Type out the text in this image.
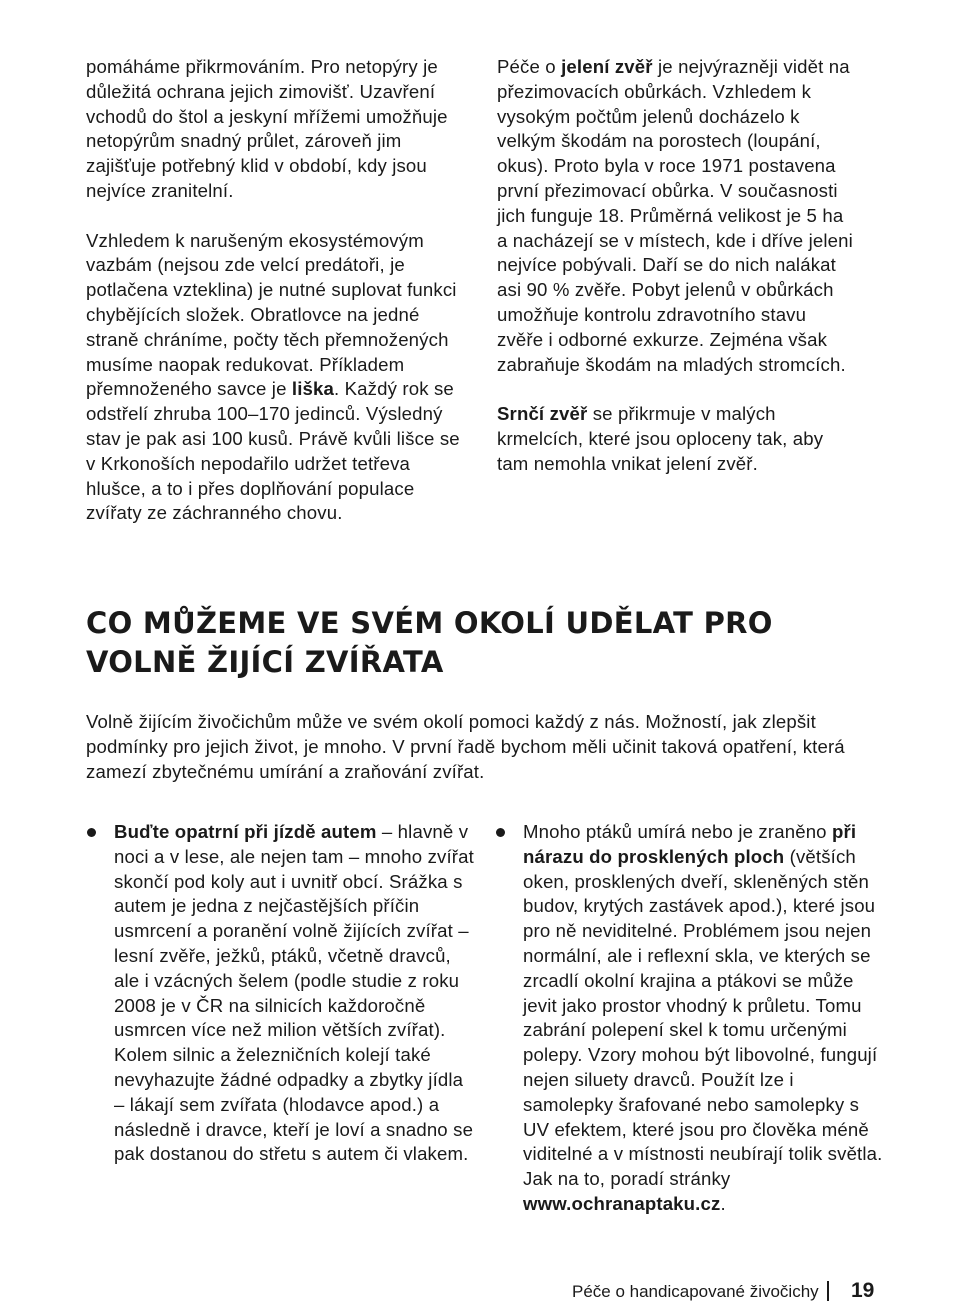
pomáháme přikrmováním. Pro netopýry je důležitá ochrana jejich zimovišť. Uzavření vchodů do štol a jeskyní mřížemi umožňuje netopýrům snadný průlet, zároveň jim zajišťuje potřebný klid v období, kdy jsou nejvíce zranitelní.

Vzhledem k narušeným ekosystémovým vazbám (nejsou zde velcí predátoři, je potlačena vzteklina) je nutné suplovat funkci chybějících složek. Obratlovce na jedné straně chráníme, počty těch přemnožených musíme naopak redukovat. Příkladem přemnoženého savce je liška. Každý rok se odstřelí zhruba 100–170 jedinců. Výsledný stav je pak asi 100 kusů. Právě kvůli lišce se v Krkonoších nepodařilo udržet tetřeva hlušce, a to i přes doplňování populace zvířaty ze záchranného chovu.

Péče o jelení zvěř je nejvýrazněji vidět na přezimovacích obůrkách. Vzhledem k vysokým počtům jelenů docházelo k velkým škodám na porostech (loupání, okus). Proto byla v roce 1971 postavena první přezimovací obůrka. V současnosti jich funguje 18. Průměrná velikost je 5 ha a nacházejí se v místech, kde i dříve jeleni nejvíce pobývali. Daří se do nich nalákat asi 90 % zvěře. Pobyt jelenů v obůrkách umožňuje kontrolu zdravotního stavu zvěře i odborné exkurze. Zejména však zabraňuje škodám na mladých stromcích.

Srnčí zvěř se přikrmuje v malých krmelcích, které jsou oploceny tak, aby tam nemohla vnikat jelení zvěř.

CO MŮŽEME VE SVÉM OKOLÍ UDĚLAT PRO VOLNĚ ŽIJÍCÍ ZVÍŘATA
Volně žijícím živočichům může ve svém okolí pomoci každý z nás. Možností, jak zlepšit podmínky pro jejich život, je mnoho. V první řadě bychom měli učinit taková opatření, která zamezí zbytečnému umírání a zraňování zvířat.
Buďte opatrní při jízdě autem – hlavně v noci a v lese, ale nejen tam – mnoho zvířat skončí pod koly aut i uvnitř obcí. Srážka s autem je jedna z nejčastějších příčin usmrcení a poranění volně žijících zvířat – lesní zvěře, ježků, ptáků, včetně dravců, ale i vzácných šelem (podle studie z roku 2008 je v ČR na silnicích každoročně usmrcen více než milion větších zvířat). Kolem silnic a železničních kolejí také nevyhazujte žádné odpadky a zbytky jídla – lákají sem zvířata (hlodavce apod.) a následně i dravce, kteří je loví a snadno se pak dostanou do střetu s autem či vlakem.
Mnoho ptáků umírá nebo je zraněno při nárazu do prosklených ploch (větších oken, prosklených dveří, skleněných stěn budov, krytých zastávek apod.), které jsou pro ně neviditelné. Problémem jsou nejen normální, ale i reflexní skla, ve kterých se zrcadlí okolní krajina a ptákovi se může jevit jako prostor vhodný k průletu. Tomu zabrání polepení skel k tomu určenými polepy. Vzory mohou být libovolné, fungují nejen siluety dravců. Použít lze i samolepky šrafované nebo samolepky s UV efektem, které jsou pro člověka méně viditelné a v místnosti neubírají tolik světla. Jak na to, poradí stránky www.ochranaptaku.cz.
Péče o handicapované živočichy 19
